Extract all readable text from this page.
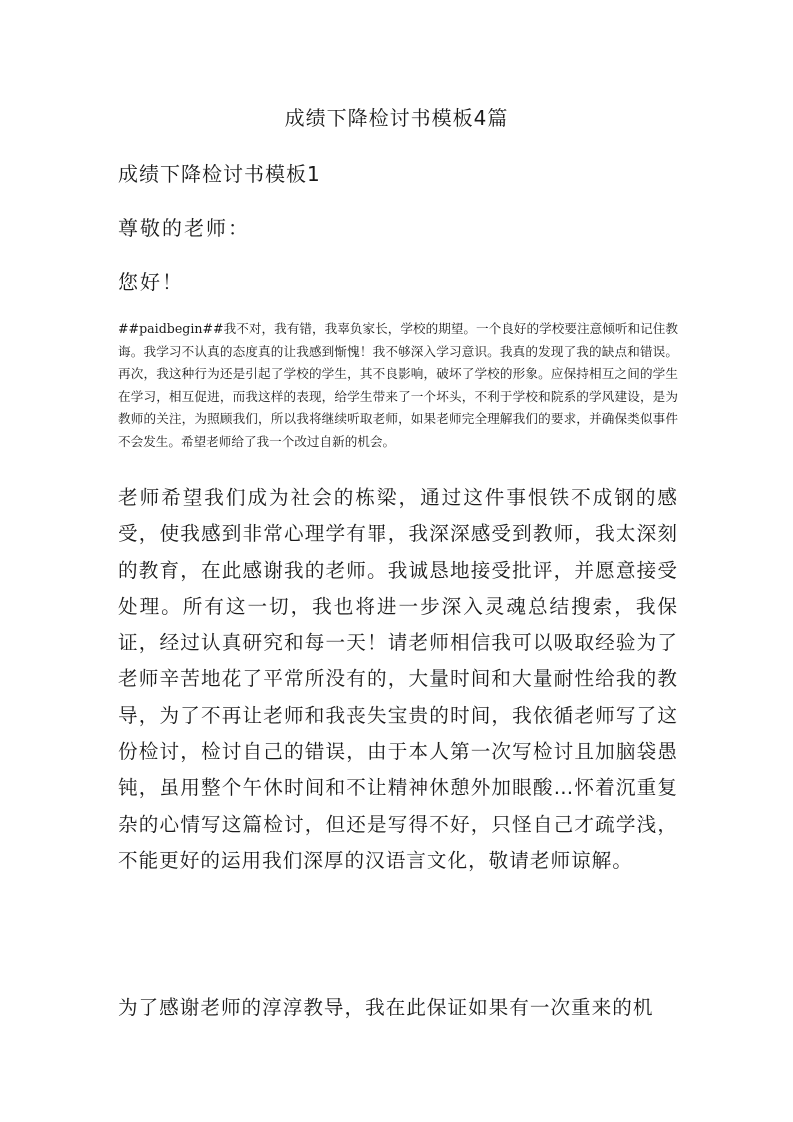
成绩下降检讨书模板4篇
成绩下降检讨书模板1
尊敬的老师：
您好！
##paidbegin##我不对，我有错，我辜负家长，学校的期望。一个良好的学校要注意倾听和记住教诲。我学习不认真的态度真的让我感到惭愧！我不够深入学习意识。我真的发现了我的缺点和错误。再次，我这种行为还是引起了学校的学生，其不良影响，破坏了学校的形象。应保持相互之间的学生在学习，相互促进，而我这样的表现，给学生带来了一个坏头，不利于学校和院系的学风建设，是为教师的关注，为照顾我们，所以我将继续听取老师，如果老师完全理解我们的要求，并确保类似事件不会发生。希望老师给了我一个改过自新的机会。
老师希望我们成为社会的栋梁，通过这件事恨铁不成钢的感受，使我感到非常心理学有罪，我深深感受到教师，我太深刻的教育，在此感谢我的老师。我诚恳地接受批评，并愿意接受处理。所有这一切，我也将进一步深入灵魂总结搜索，我保证，经过认真研究和每一天！请老师相信我可以吸取经验为了老师辛苦地花了平常所没有的，大量时间和大量耐性给我的教导，为了不再让老师和我丧失宝贵的时间，我依循老师写了这份检讨，检讨自己的错误，由于本人第一次写检讨且加脑袋愚钝，虽用整个午休时间和不让精神休憩外加眼酸…怀着沉重复杂的心情写这篇检讨，但还是写得不好，只怪自己才疏学浅，不能更好的运用我们深厚的汉语言文化，敬请老师谅解。
为了感谢老师的淳淳教导，我在此保证如果有一次重来的机
